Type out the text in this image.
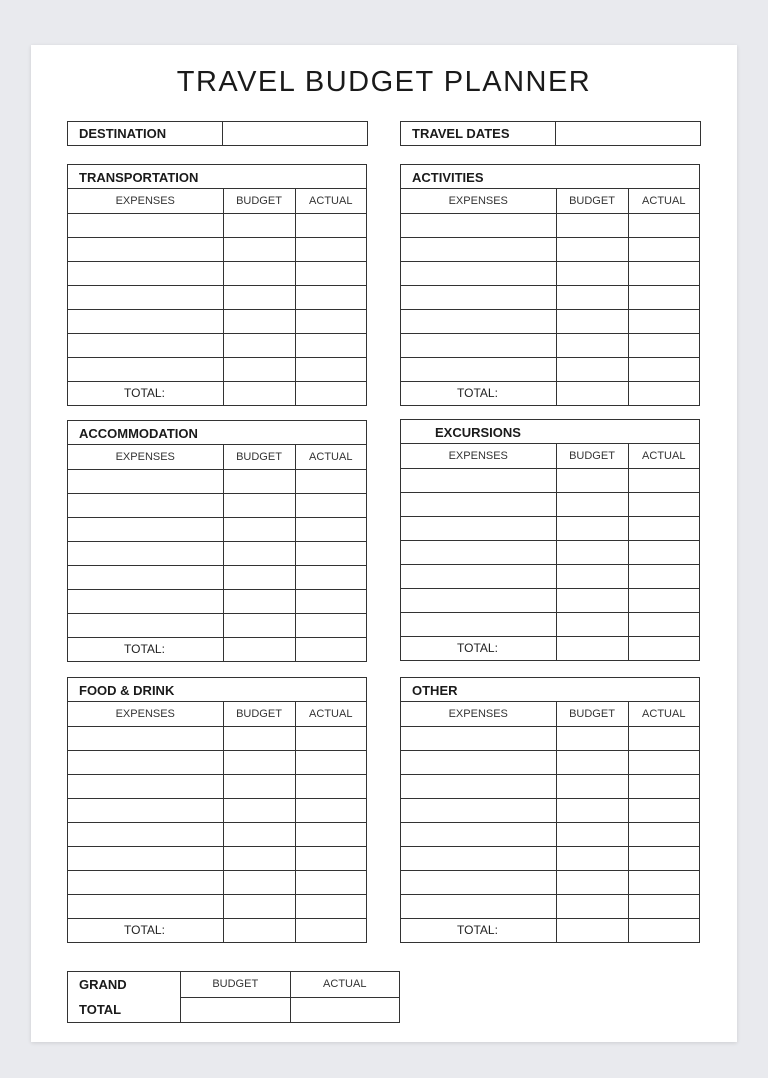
TRAVEL BUDGET PLANNER
DESTINATION	TRAVEL DATES
TRANSPORTATION
EXPENSES	BUDGET	ACTUAL

TOTAL:		
ACTIVITIES
EXPENSES	BUDGET	ACTUAL

TOTAL:		
ACCOMMODATION
EXPENSES	BUDGET	ACTUAL

TOTAL:		
EXCURSIONS
EXPENSES	BUDGET	ACTUAL

TOTAL:		
FOOD & DRINK
EXPENSES	BUDGET	ACTUAL

TOTAL:		
OTHER
EXPENSES	BUDGET	ACTUAL

TOTAL:		
GRAND
TOTAL
BUDGET	ACTUAL
